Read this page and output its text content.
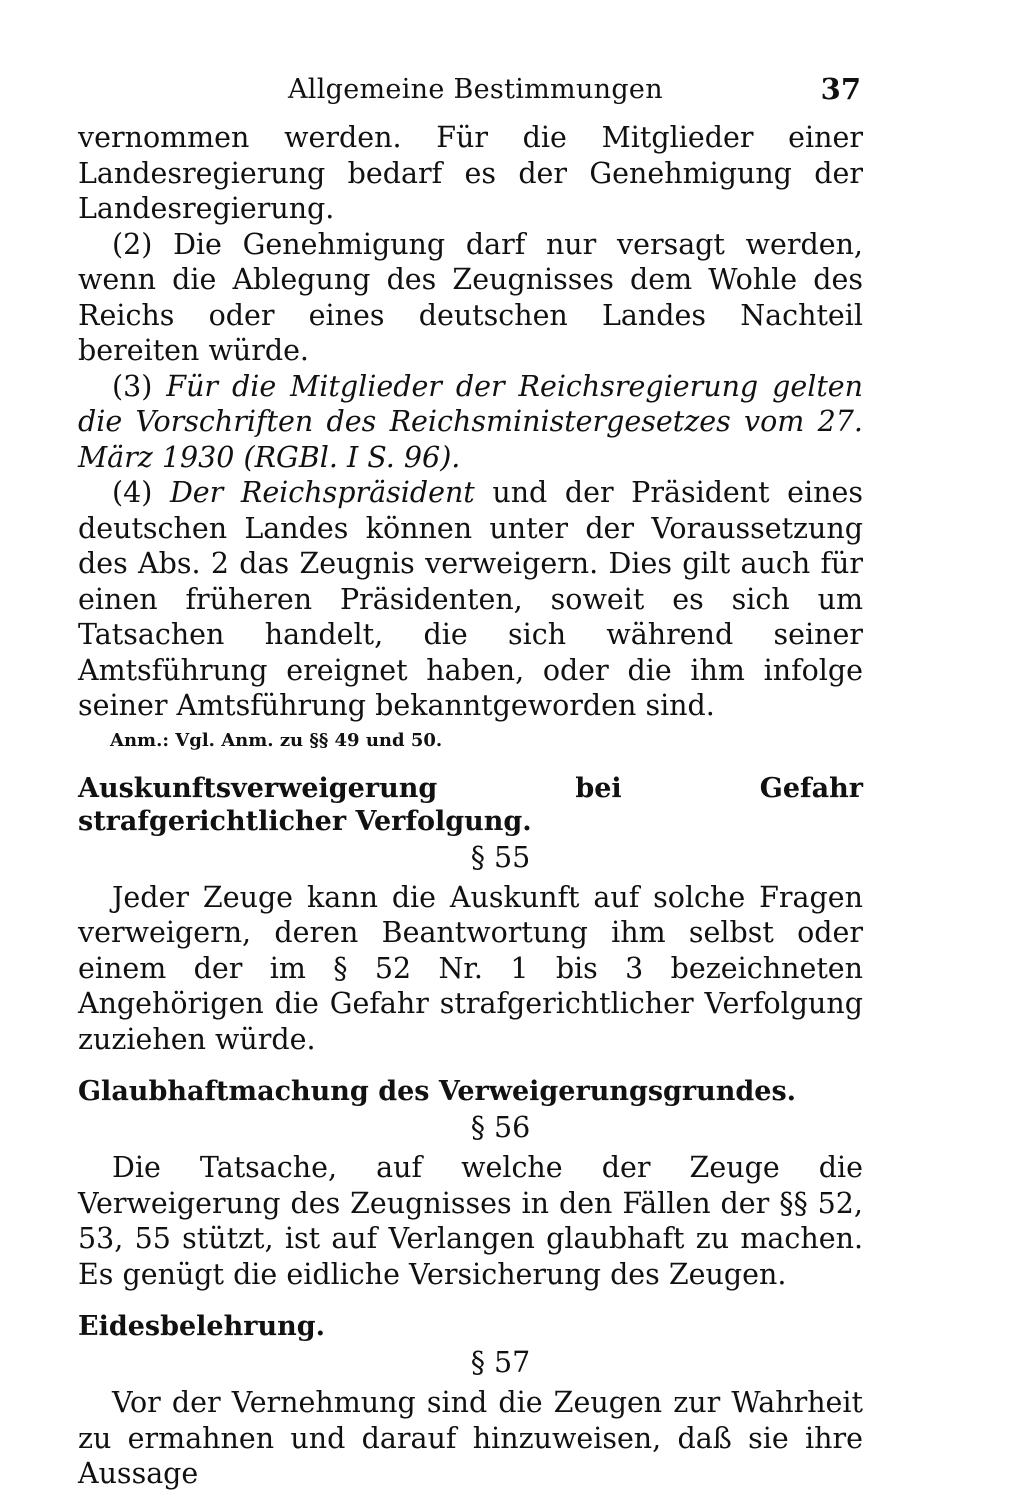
Allgemeine Bestimmungen	37

vernommen werden. Für die Mitglieder einer Landesregierung bedarf es der Genehmigung der Landesregierung.

(2) Die Genehmigung darf nur versagt werden, wenn die Ablegung des Zeugnisses dem Wohle des Reichs oder eines deutschen Landes Nachteil bereiten würde.

(3) Für die Mitglieder der Reichsregierung gelten die Vorschriften des Reichsministergesetzes vom 27. März 1930 (RGBl. I S. 96).

(4) Der Reichspräsident und der Präsident eines deutschen Landes können unter der Voraussetzung des Abs. 2 das Zeugnis verweigern. Dies gilt auch für einen früheren Präsidenten, soweit es sich um Tatsachen handelt, die sich während seiner Amtsführung ereignet haben, oder die ihm infolge seiner Amtsführung bekanntgeworden sind.

Anm.: Vgl. Anm. zu §§ 49 und 50.
Auskunftsverweigerung bei Gefahr strafgerichtlicher Verfolgung.
§ 55

Jeder Zeuge kann die Auskunft auf solche Fragen verweigern, deren Beantwortung ihm selbst oder einem der im § 52 Nr. 1 bis 3 bezeichneten Angehörigen die Gefahr strafgerichtlicher Verfolgung zuziehen würde.

Glaubhaftmachung des Verweigerungsgrundes.
§ 56

Die Tatsache, auf welche der Zeuge die Verweigerung des Zeugnisses in den Fällen der §§ 52, 53, 55 stützt, ist auf Verlangen glaubhaft zu machen. Es genügt die eidliche Versicherung des Zeugen.

Eidesbelehrung.
§ 57

Vor der Vernehmung sind die Zeugen zur Wahrheit zu ermahnen und darauf hinzuweisen, daß sie ihre Aussage
